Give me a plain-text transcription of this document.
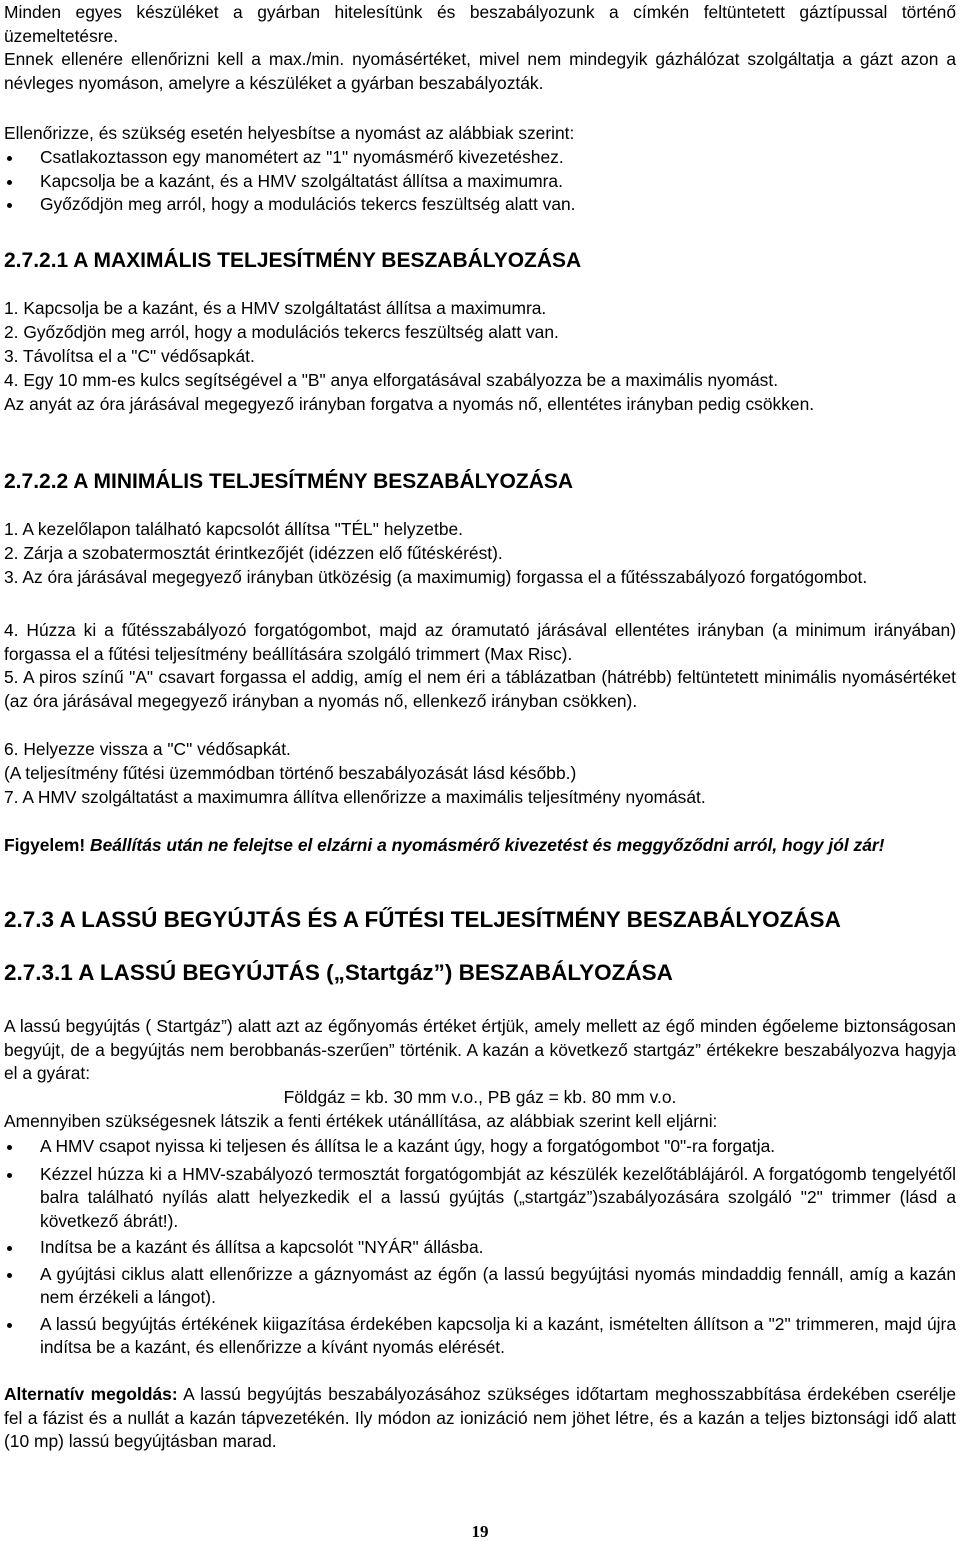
Minden egyes készüléket a gyárban hitelesítünk és beszabályozunk a címkén feltüntetett gáztípussal történő üzemeltetésre.

Ennek ellenére ellenőrizni kell a max./min. nyomásértéket, mivel nem mindegyik gázhálózat szolgáltatja a gázt azon a névleges nyomáson, amelyre a készüléket a gyárban beszabályozták.

Ellenőrizze, és szükség esetén helyesbítse a nyomást az alábbiak szerint:

Csatlakoztasson egy manométert az "1" nyomásmérő kivezetéshez.
Kapcsolja be a kazánt, és a HMV szolgáltatást állítsa a maximumra.
Győződjön meg arról, hogy a modulációs tekercs feszültség alatt van.
2.7.2.1 A MAXIMÁLIS TELJESÍTMÉNY BESZABÁLYOZÁSA

1. Kapcsolja be a kazánt, és a HMV szolgáltatást állítsa a maximumra.

2. Győződjön meg arról, hogy a modulációs tekercs feszültség alatt van.

3. Távolítsa el a "C" védősapkát.

4. Egy 10 mm-es kulcs segítségével a "B" anya elforgatásával szabályozza be a maximális nyomást.

Az anyát az óra járásával megegyező irányban forgatva a nyomás nő, ellentétes irányban pedig csökken.

2.7.2.2 A MINIMÁLIS TELJESÍTMÉNY BESZABÁLYOZÁSA

1. A kezelőlapon található kapcsolót állítsa "TÉL" helyzetbe.

2. Zárja a szobatermosztát érintkezőjét (idézzen elő fűtéskérést).

3. Az óra járásával megegyező irányban ütközésig (a maximumig) forgassa el a fűtésszabályozó forgatógombot.

4. Húzza ki a fűtésszabályozó forgatógombot, majd az óramutató járásával ellentétes irányban (a minimum irányában) forgassa el a fűtési teljesítmény beállítására szolgáló trimmert (Max Risc).

5. A piros színű "A" csavart forgassa el addig, amíg el nem éri a táblázatban (hátrébb) feltüntetett minimális nyomásértéket (az óra járásával megegyező irányban a nyomás nő, ellenkező irányban csökken).

6. Helyezze vissza a "C" védősapkát.

(A teljesítmény fűtési üzemmódban történő beszabályozását lásd később.)

7. A HMV szolgáltatást a maximumra állítva ellenőrizze a maximális teljesítmény nyomását.

Figyelem! Beállítás után ne felejtse el elzárni a nyomásmérő kivezetést és meggyőződni arról, hogy jól zár!

2.7.3 A LASSÚ BEGYÚJTÁS ÉS A FŰTÉSI TELJESÍTMÉNY BESZABÁLYOZÁSA
2.7.3.1 A LASSÚ BEGYÚJTÁS („Startgáz”) BESZABÁLYOZÁSA

A lassú begyújtás ( Startgáz”) alatt azt az égőnyomás értéket értjük, amely mellett az égő minden égőeleme biztonságosan begyújt, de a begyújtás nem berobbanás-szerűen” történik. A kazán a következő startgáz” értékekre beszabályozva hagyja el a gyárat:

Földgáz = kb. 30 mm v.o., PB gáz = kb. 80 mm v.o.

Amennyiben szükségesnek látszik a fenti értékek utánállítása, az alábbiak szerint kell eljárni:

A HMV csapot nyissa ki teljesen és állítsa le a kazánt úgy, hogy a forgatógombot "0"-ra forgatja.
Kézzel húzza ki a HMV-szabályozó termosztát forgatógombját az készülék kezelőtáblájáról. A forgatógomb tengelyétől balra található nyílás alatt helyezkedik el a lassú gyújtás („startgáz”)szabályozására szolgáló "2" trimmer (lásd a következő ábrát!).
Indítsa be a kazánt és állítsa a kapcsolót "NYÁR" állásba.
A gyújtási ciklus alatt ellenőrizze a gáznyomást az égőn (a lassú begyújtási nyomás mindaddig fennáll, amíg a kazán nem érzékeli a lángot).
A lassú begyújtás értékének kiigazítása érdekében kapcsolja ki a kazánt, ismételten állítson a "2" trimmeren, majd újra indítsa be a kazánt, és ellenőrizze a kívánt nyomás elérését.

Alternatív megoldás: A lassú begyújtás beszabályozásához szükséges időtartam meghosszabbítása érdekében cserélje fel a fázist és a nullát a kazán tápvezetékén. Ily módon az ionizáció nem jöhet létre, és a kazán a teljes biztonsági idő alatt (10 mp) lassú begyújtásban marad.

19
